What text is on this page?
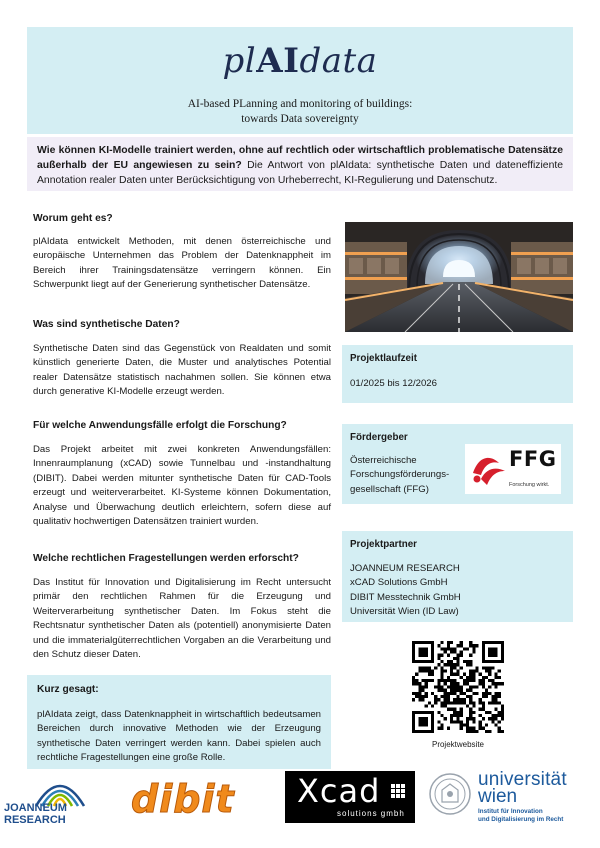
plAIdata
AI-based PLanning and monitoring of buildings:
towards Data sovereignty
Wie können KI-Modelle trainiert werden, ohne auf rechtlich oder wirtschaftlich problematische Datensätze außerhalb der EU angewiesen zu sein? Die Antwort von plAIdata: synthetische Daten und dateneffiziente Annotation realer Daten unter Berücksichtigung von Urheberrecht, KI-Regulierung und Datenschutz.
Worum geht es?

plAIdata entwickelt Methoden, mit denen österreichische und europäische Unternehmen das Problem der Datenknappheit im Bereich ihrer Trainingsdatensätze verringern können. Ein Schwerpunkt liegt auf der Generierung synthetischer Datensätze.

Was sind synthetische Daten?

Synthetische Daten sind das Gegenstück von Realdaten und somit künstlich generierte Daten, die Muster und analytisches Potential realer Datensätze statistisch nachahmen sollen. Sie können etwa durch generative KI-Modelle erzeugt werden.

Für welche Anwendungsfälle erfolgt die Forschung?

Das Projekt arbeitet mit zwei konkreten Anwendungsfällen: Innenraumplanung (xCAD) sowie Tunnelbau und -instandhaltung (DIBIT). Dabei werden mitunter synthetische Daten für CAD-Tools erzeugt und weiterverarbeitet. KI-Systeme können Dokumentation, Analyse und Überwachung deutlich erleichtern, sofern diese auf qualitativ hochwertigen Datensätzen trainiert wurden.

Welche rechtlichen Fragestellungen werden erforscht?

Das Institut für Innovation und Digitalisierung im Recht untersucht primär den rechtlichen Rahmen für die Erzeugung und Weiterverarbeitung synthetischer Daten. Im Fokus steht die Rechtsnatur synthetischer Daten als (potentiell) anonymisierte Daten und die immaterialgüterrechtlichen Vorgaben an die Verarbeitung und den Schutz dieser Daten.

Kurz gesagt:

plAIdata zeigt, dass Datenknappheit in wirtschaftlich bedeutsamen Bereichen durch innovative Methoden wie der Erzeugung synthetische Daten verringert werden kann. Dabei spielen auch rechtliche Fragestellungen eine große Rolle.

Projektlaufzeit
01/2025 bis 12/2026
Fördergeber
Österreichische
Forschungsförderungs-
gesellschaft (FFG)
FFG
Forschung wirkt.
Projektpartner
JOANNEUM RESEARCH
xCAD Solutions GmbH
DIBIT Messtechnik GmbH
Universität Wien (ID Law)
Projektwebsite
JOANNEUM
RESEARCH dibit	Xcad
solutions gmbh
universität
wien
Institut für Innovation
und Digitalisierung im Recht
